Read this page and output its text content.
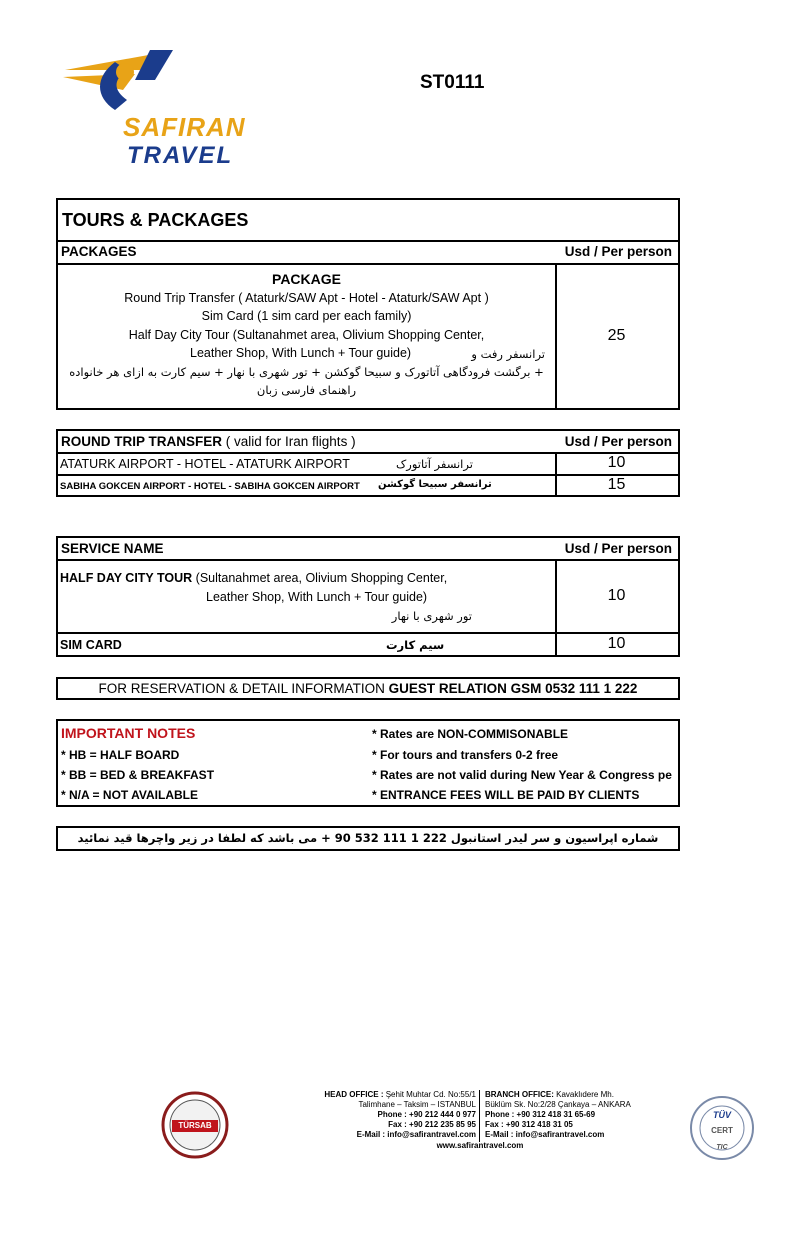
SAFIRAN
TRAVEL
ST0111
TOURS & PACKAGES
PACKAGES	Usd / Per person
PACKAGE
Round Trip Transfer ( Ataturk/SAW Apt - Hotel - Ataturk/SAW Apt )
Sim Card (1 sim card per each family)
Half Day City Tour (Sultanahmet area, Olivium Shopping Center,
Leather Shop, With Lunch + Tour guide)	ترانسفر رفت و
+ برگشت فرودگاهی آتاتورک و سبیحا گوکشن + تور شهری با نهار + سیم کارت به ازای هر خانواده
راهنمای فارسی زبان
25
ROUND TRIP TRANSFER ( valid for Iran flights )	Usd / Per person
ATATURK AIRPORT - HOTEL - ATATURK AIRPORT	ترانسفر آتاتورک	10
SABIHA GOKCEN AIRPORT - HOTEL - SABIHA GOKCEN AIRPORT ترانسفر سبیحا گوکشن	15
SERVICE NAME	Usd / Per person
HALF DAY CITY TOUR (Sultanahmet area, Olivium Shopping Center,
Leather Shop, With Lunch + Tour guide)
تور شهری با نهار
10
SIM CARD	سیم کارت	10
FOR RESERVATION & DETAIL INFORMATION GUEST RELATION GSM 0532 111 1 222
IMPORTANT NOTES
* HB = HALF BOARD
* BB = BED & BREAKFAST
* N/A = NOT AVAILABLE
* Rates are NON-COMMISONABLE
* For tours and transfers 0-2 free
* Rates are not valid during New Year & Congress pe
* ENTRANCE FEES WILL BE PAID BY CLIENTS
شماره اپراسیون و سر لیدر استانبول 222 1 111 532 90 + می باشد که لطفا در زیر واچرها قید نمائید
TÜRSAB
HEAD OFFICE : Şehit Muhtar Cd. No:55/1
Talimhane – Taksim – ISTANBUL
Phone : +90 212 444 0 977
Fax : +90 212 235 85 95
E-Mail : info@safirantravel.com
BRANCH OFFICE: Kavaklıdere Mh.
Büklüm Sk. No:2/28 Çankaya – ANKARA
Phone : +90 312 418 31 65-69
Fax : +90 312 418 31 05
E-Mail : info@safirantravel.com
www.safirantravel.com
TÜV
CERT
TIC
